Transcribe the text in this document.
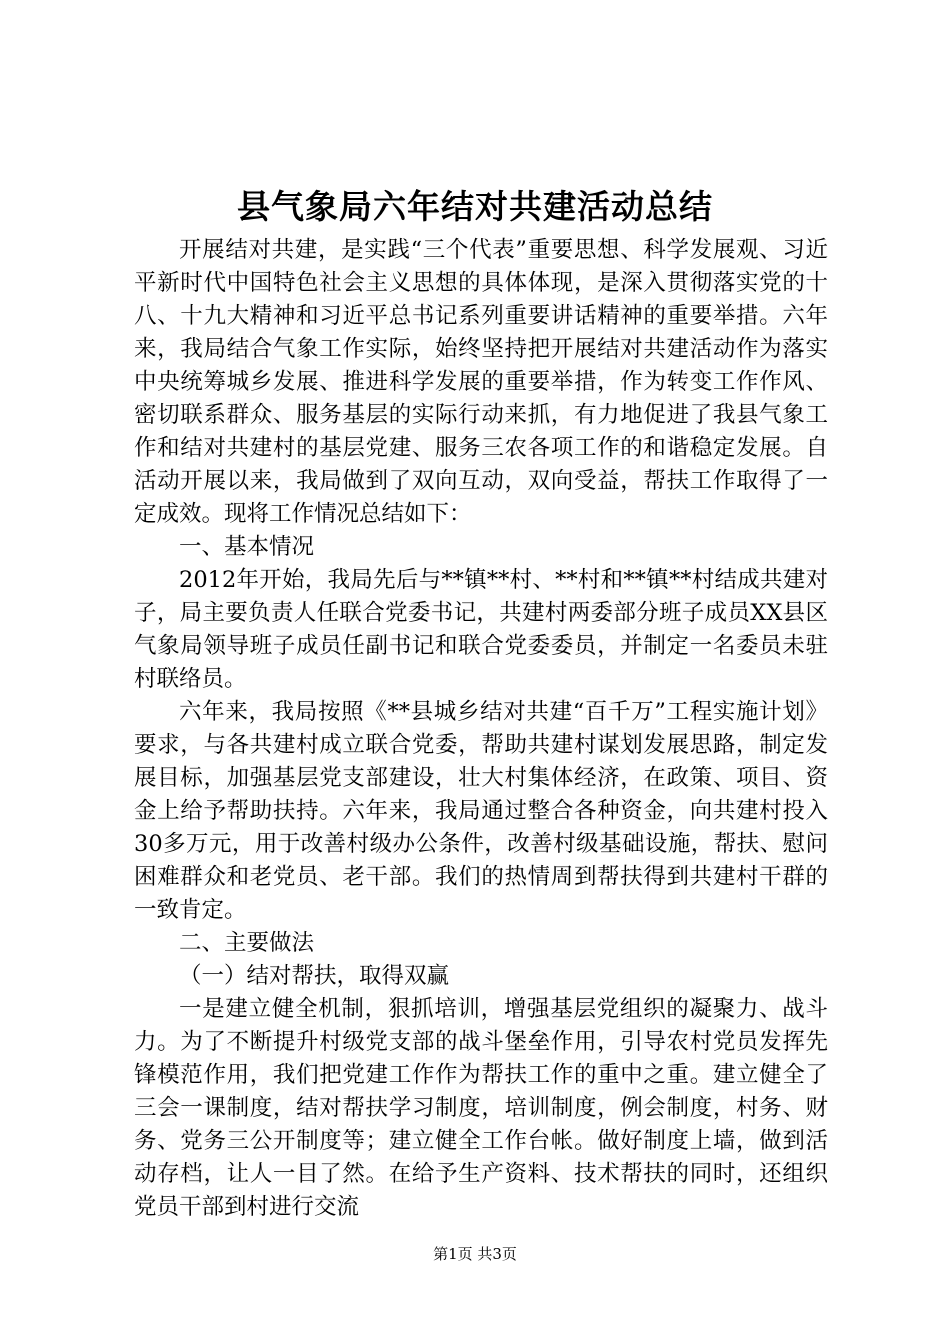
县气象局六年结对共建活动总结

开展结对共建，是实践“三个代表”重要思想、科学发展观、习近平新时代中国特色社会主义思想的具体体现，是深入贯彻落实党的十八、十九大精神和习近平总书记系列重要讲话精神的重要举措。六年来，我局结合气象工作实际，始终坚持把开展结对共建活动作为落实中央统筹城乡发展、推进科学发展的重要举措，作为转变工作作风、密切联系群众、服务基层的实际行动来抓，有力地促进了我县气象工作和结对共建村的基层党建、服务三农各项工作的和谐稳定发展。自活动开展以来，我局做到了双向互动，双向受益，帮扶工作取得了一定成效。现将工作情况总结如下：

一、基本情况

2012年开始，我局先后与**镇**村、**村和**镇**村结成共建对子，局主要负责人任联合党委书记，共建村两委部分班子成员XX县区气象局领导班子成员任副书记和联合党委委员，并制定一名委员未驻村联络员。

六年来，我局按照《**县城乡结对共建“百千万”工程实施计划》要求，与各共建村成立联合党委，帮助共建村谋划发展思路，制定发展目标，加强基层党支部建设，壮大村集体经济，在政策、项目、资金上给予帮助扶持。六年来，我局通过整合各种资金，向共建村投入30多万元，用于改善村级办公条件，改善村级基础设施，帮扶、慰问困难群众和老党员、老干部。我们的热情周到帮扶得到共建村干群的一致肯定。

二、主要做法

（一）结对帮扶，取得双赢

一是建立健全机制，狠抓培训，增强基层党组织的凝聚力、战斗力。为了不断提升村级党支部的战斗堡垒作用，引导农村党员发挥先锋模范作用，我们把党建工作作为帮扶工作的重中之重。建立健全了三会一课制度，结对帮扶学习制度，培训制度，例会制度，村务、财务、党务三公开制度等；建立健全工作台帐。做好制度上墙，做到活动存档，让人一目了然。在给予生产资料、技术帮扶的同时，还组织党员干部到村进行交流

第1页 共3页
